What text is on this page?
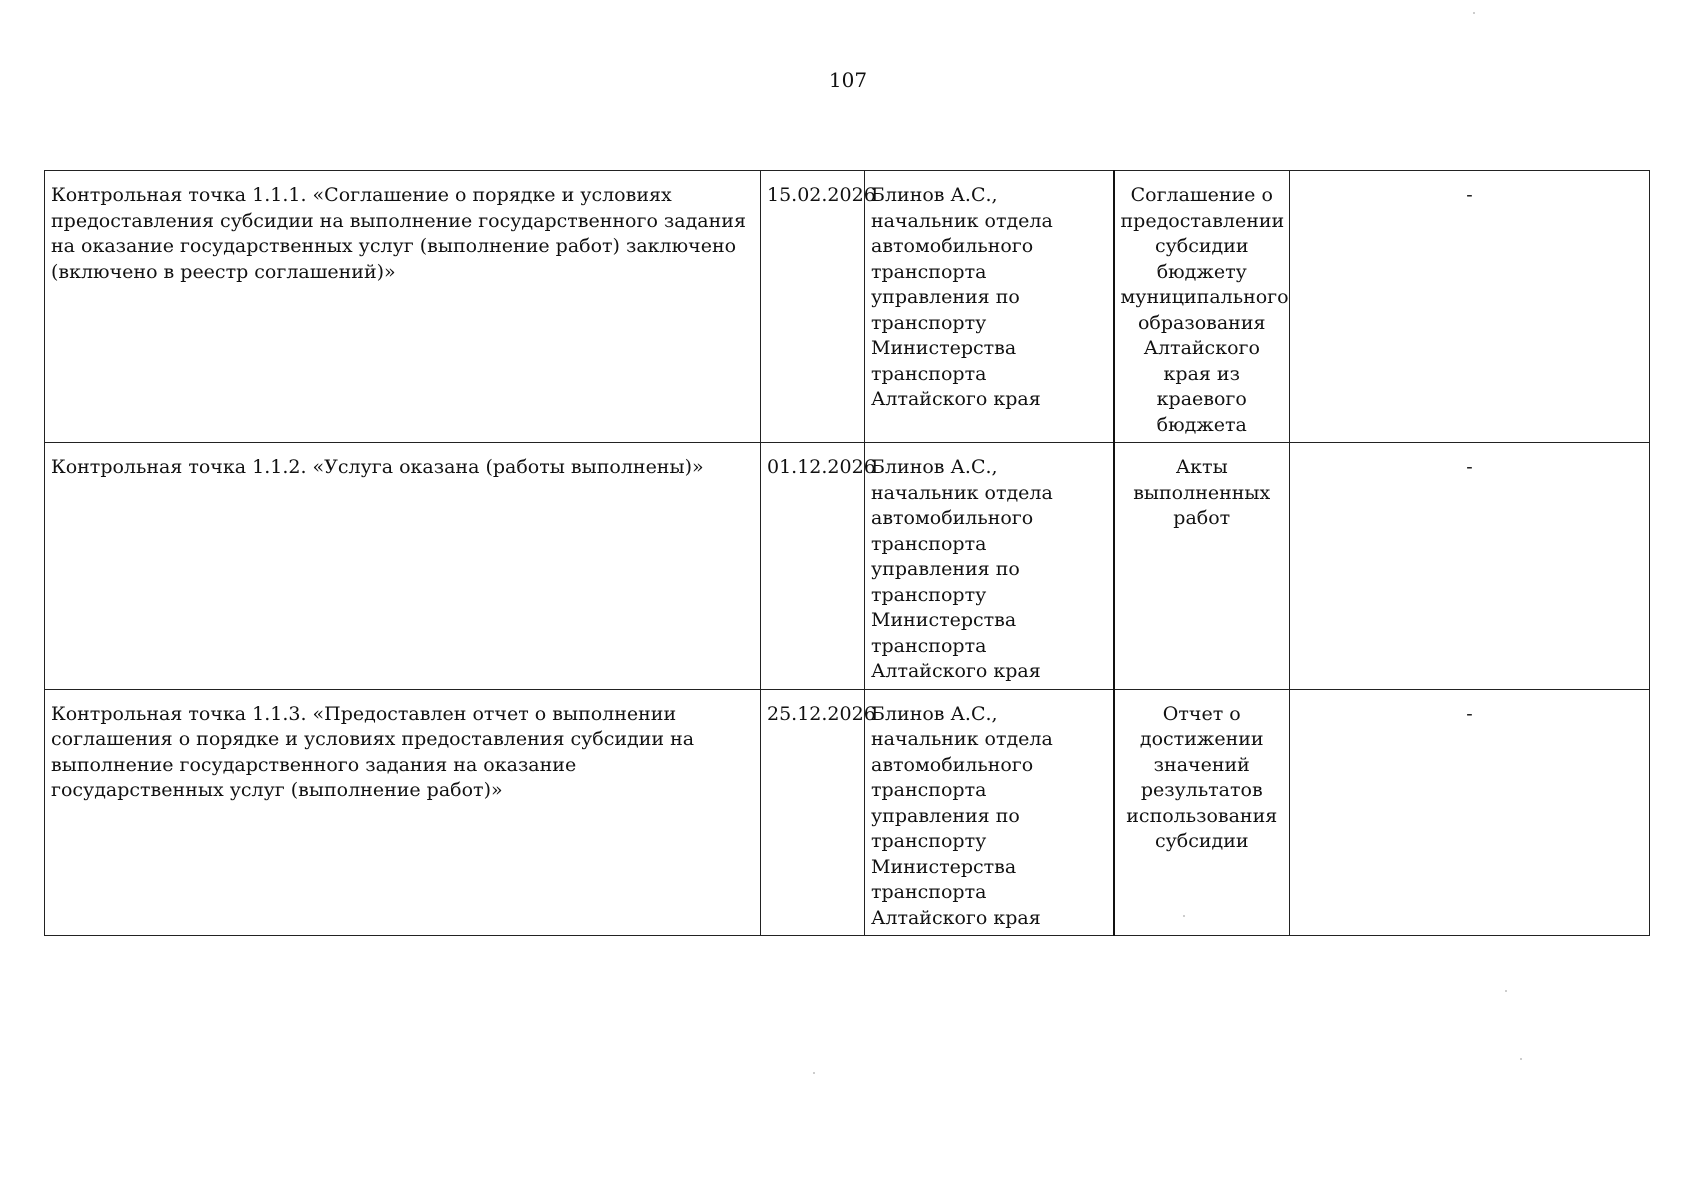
107
Контрольная точка 1.1.1. «Соглашение о порядке и условиях предоставления субсидии на выполнение государственного задания на оказание государственных услуг (выполнение работ) заключено (включено в реестр соглашений)»	15.02.2026	Блинов А.С., начальник отдела автомобильного транспорта управления по транспорту Министерства транспорта Алтайского края	Соглашение о предоставлении субсидии бюджету муниципального образования Алтайского края из краевого бюджета	-
Контрольная точка 1.1.2. «Услуга оказана (работы выполнены)»	01.12.2026	Блинов А.С., начальник отдела автомобильного транспорта управления по транспорту Министерства транспорта Алтайского края	Акты выполненных работ	-
Контрольная точка 1.1.3. «Предоставлен отчет о выполнении соглашения о порядке и условиях предоставления субсидии на выполнение государственного задания на оказание государственных услуг (выполнение работ)»	25.12.2026	Блинов А.С., начальник отдела автомобильного транспорта управления по транспорту Министерства транспорта Алтайского края	Отчет о достижении значений результатов использования субсидии	-
